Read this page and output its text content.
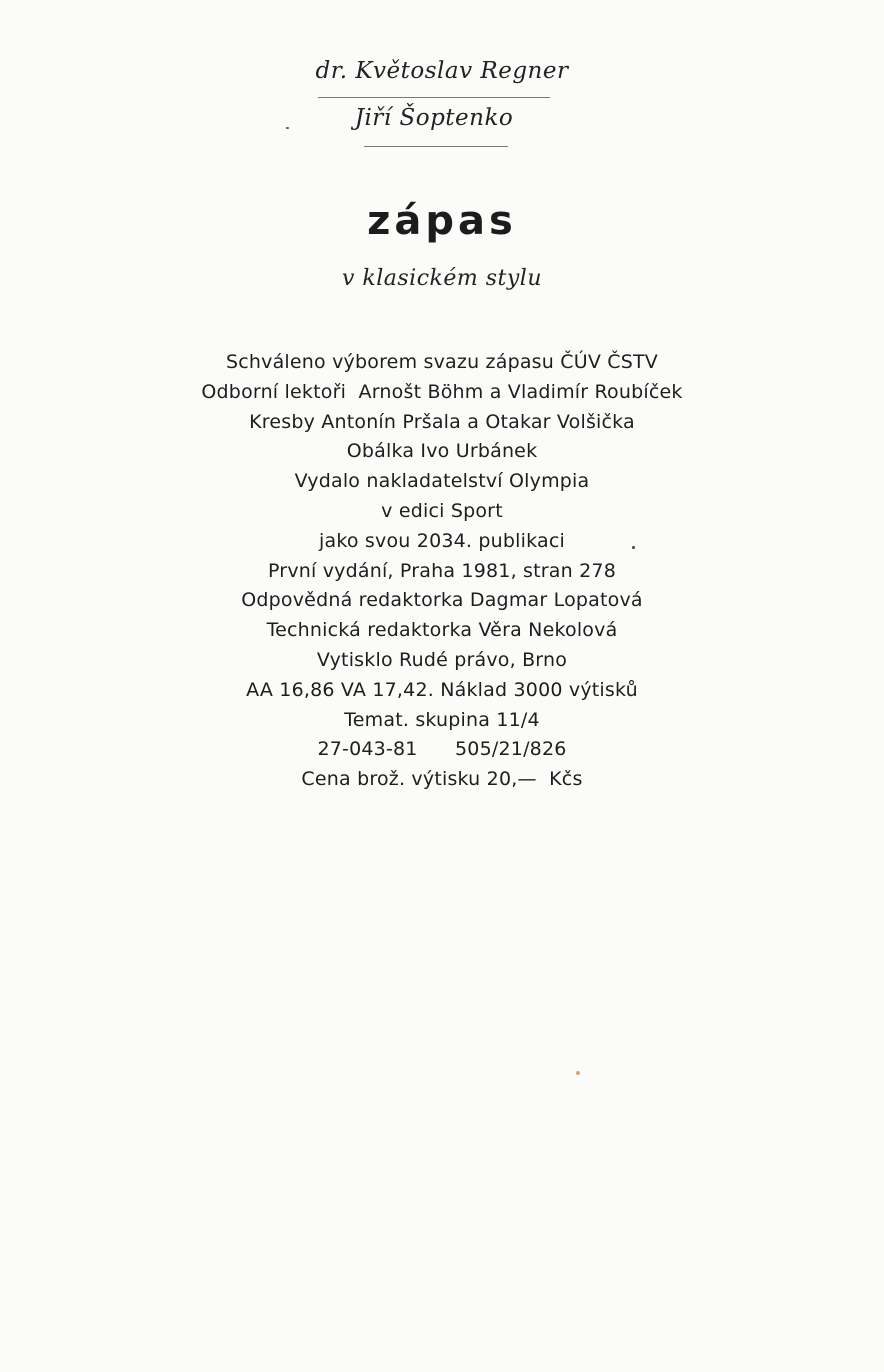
dr. Květoslav Regner
Jiří Šoptenko
zápas
v klasickém stylu
Schváleno výborem svazu zápasu ČÚV ČSTV
Odborní lektoři  Arnošt Böhm a Vladimír Roubíček
Kresby Antonín Pršala a Otakar Volšička
Obálka Ivo Urbánek
Vydalo nakladatelství Olympia
v edici Sport
jako svou 2034. publikaci
První vydání, Praha 1981, stran 278
Odpovědná redaktorka Dagmar Lopatová
Technická redaktorka Věra Nekolová
Vytisklo Rudé právo, Brno
AA 16,86 VA 17,42. Náklad 3000 výtisků
Temat. skupina 11/4
27-043-81      505/21/826
Cena brož. výtisku 20,—  Kčs
